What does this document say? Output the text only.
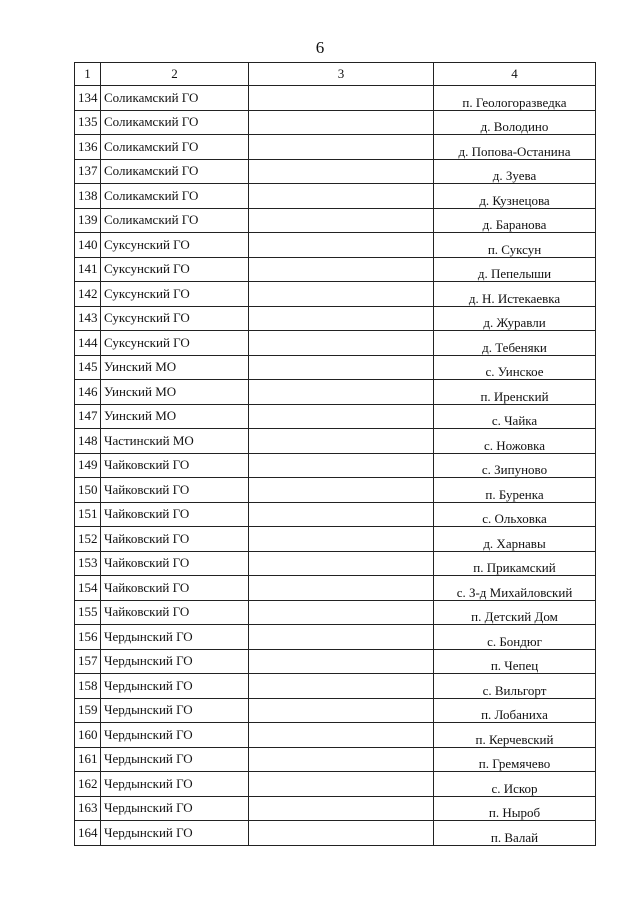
6
1	2	3	4
134	Соликамский ГО		п. Геологоразведка
135	Соликамский ГО		д. Володино
136	Соликамский ГО		д. Попова-Останина
137	Соликамский ГО		д. Зуева
138	Соликамский ГО		д. Кузнецова
139	Соликамский ГО		д. Баранова
140	Суксунский ГО		п. Суксун
141	Суксунский ГО		д. Пепелыши
142	Суксунский ГО		д. Н. Истекаевка
143	Суксунский ГО		д. Журавли
144	Суксунский ГО		д. Тебеняки
145	Уинский МО		с. Уинское
146	Уинский МО		п. Иренский
147	Уинский МО		с. Чайка
148	Частинский МО		с. Ножовка
149	Чайковский ГО		с. Зипуново
150	Чайковский ГО		п. Буренка
151	Чайковский ГО		с. Ольховка
152	Чайковский ГО		д. Харнавы
153	Чайковский ГО		п. Прикамский
154	Чайковский ГО		с. З-д Михайловский
155	Чайковский ГО		п. Детский Дом
156	Чердынский ГО		с. Бондюг
157	Чердынский ГО		п. Чепец
158	Чердынский ГО		с. Вильгорт
159	Чердынский ГО		п. Лобаниха
160	Чердынский ГО		п. Керчевский
161	Чердынский ГО		п. Гремячево
162	Чердынский ГО		с. Искор
163	Чердынский ГО		п. Ныроб
164	Чердынский ГО		п. Валай
